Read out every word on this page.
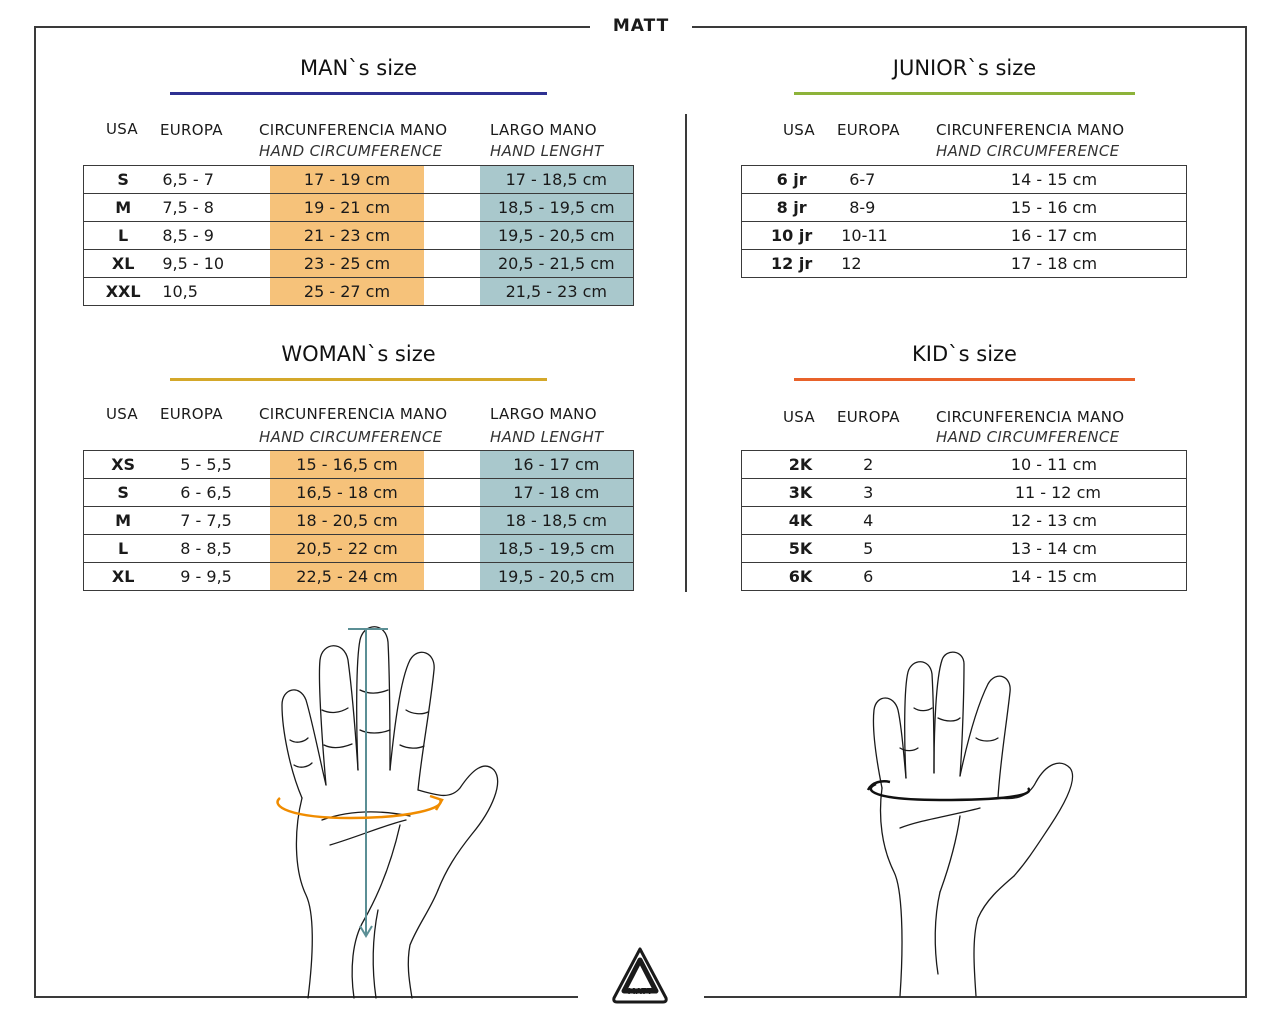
MATT
MATT
MAN`s size
USA EUROPA CIRCUNFERENCIA MANO
HAND CIRCUMFERENCE
LARGO MANO
HAND LENGHT
S	6,5 - 7	17 - 19 cm		17 - 18,5 cm
M	7,5 - 8	19 - 21 cm		18,5 - 19,5 cm
L	8,5 - 9	21 - 23 cm		19,5 - 20,5 cm
XL	9,5 - 10	23 - 25 cm		20,5 - 21,5 cm
XXL	10,5	25 - 27 cm		21,5 - 23 cm
WOMAN`s size
USA EUROPA CIRCUNFERENCIA MANO
HAND CIRCUMFERENCE
LARGO MANO
HAND LENGHT
XS	5 - 5,5	15 - 16,5 cm		16 - 17 cm
S	6 - 6,5	16,5 - 18 cm		17 - 18 cm
M	7 - 7,5	18 - 20,5 cm		18 - 18,5 cm
L	8 - 8,5	20,5 - 22 cm		18,5 - 19,5 cm
XL	9 - 9,5	22,5 - 24 cm		19,5 - 20,5 cm
JUNIOR`s size
USA EUROPA CIRCUNFERENCIA MANO
HAND CIRCUMFERENCE
6 jr	6-7	14 - 15 cm
8 jr	8-9	15 - 16 cm
10 jr	10-11	16 - 17 cm
12 jr	12	17 - 18 cm
KID`s size
USA EUROPA CIRCUNFERENCIA MANO
HAND CIRCUMFERENCE
2K	2	10 - 11 cm
3K	3	11 - 12 cm
4K	4	12 - 13 cm
5K	5	13 - 14 cm
6K	6	14 - 15 cm
